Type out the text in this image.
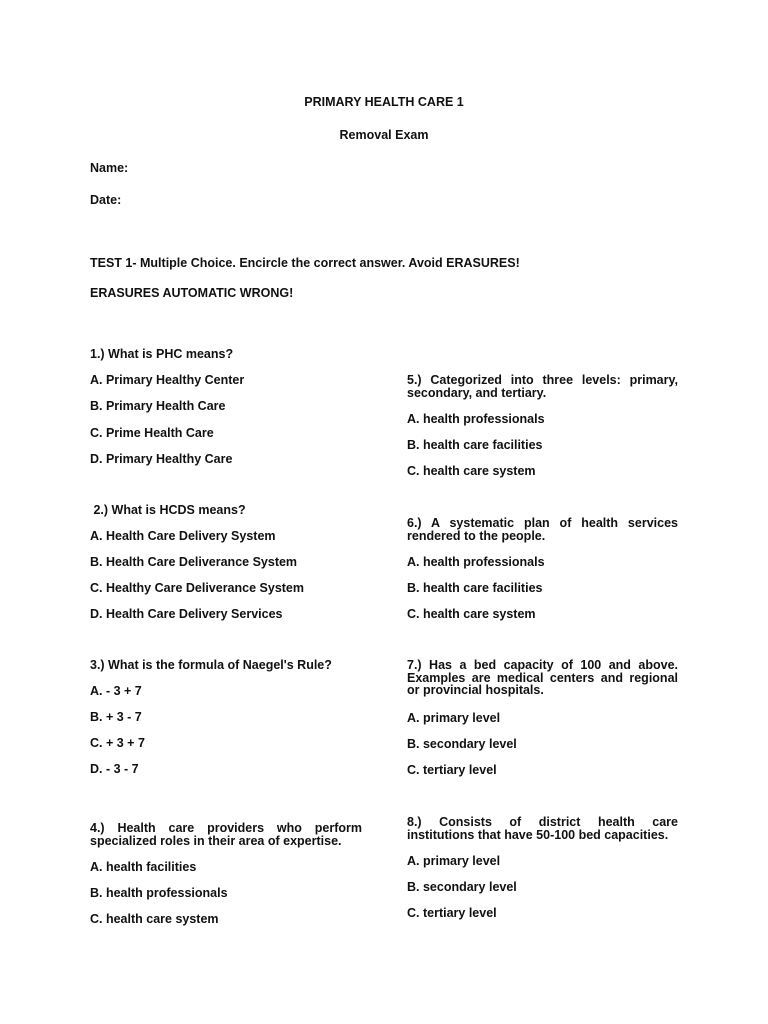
PRIMARY HEALTH CARE 1
Removal Exam
Name:
Date:
TEST 1- Multiple Choice. Encircle the correct answer. Avoid ERASURES!
ERASURES AUTOMATIC WRONG!
1.) What is PHC means?
A. Primary Healthy Center
B. Primary Health Care
C. Prime Health Care
D. Primary Healthy Care
2.) What is HCDS means?
A. Health Care Delivery System
B. Health Care Deliverance System
C. Healthy Care Deliverance System
D. Health Care Delivery Services
3.) What is the formula of Naegel's Rule?
A. - 3 + 7
B. + 3 - 7
C. + 3 + 7
D. - 3 - 7
4.) Health care providers who perform specialized roles in their area of expertise.
A. health facilities
B. health professionals
C. health care system
5.) Categorized into three levels: primary, secondary, and tertiary.
A. health professionals
B. health care facilities
C. health care system
6.) A systematic plan of health services rendered to the people.
A. health professionals
B. health care facilities
C. health care system
7.) Has a bed capacity of 100 and above. Examples are medical centers and regional or provincial hospitals.
A. primary level
B. secondary level
C. tertiary level
8.) Consists of district health care institutions that have 50-100 bed capacities.
A. primary level
B. secondary level
C. tertiary level
